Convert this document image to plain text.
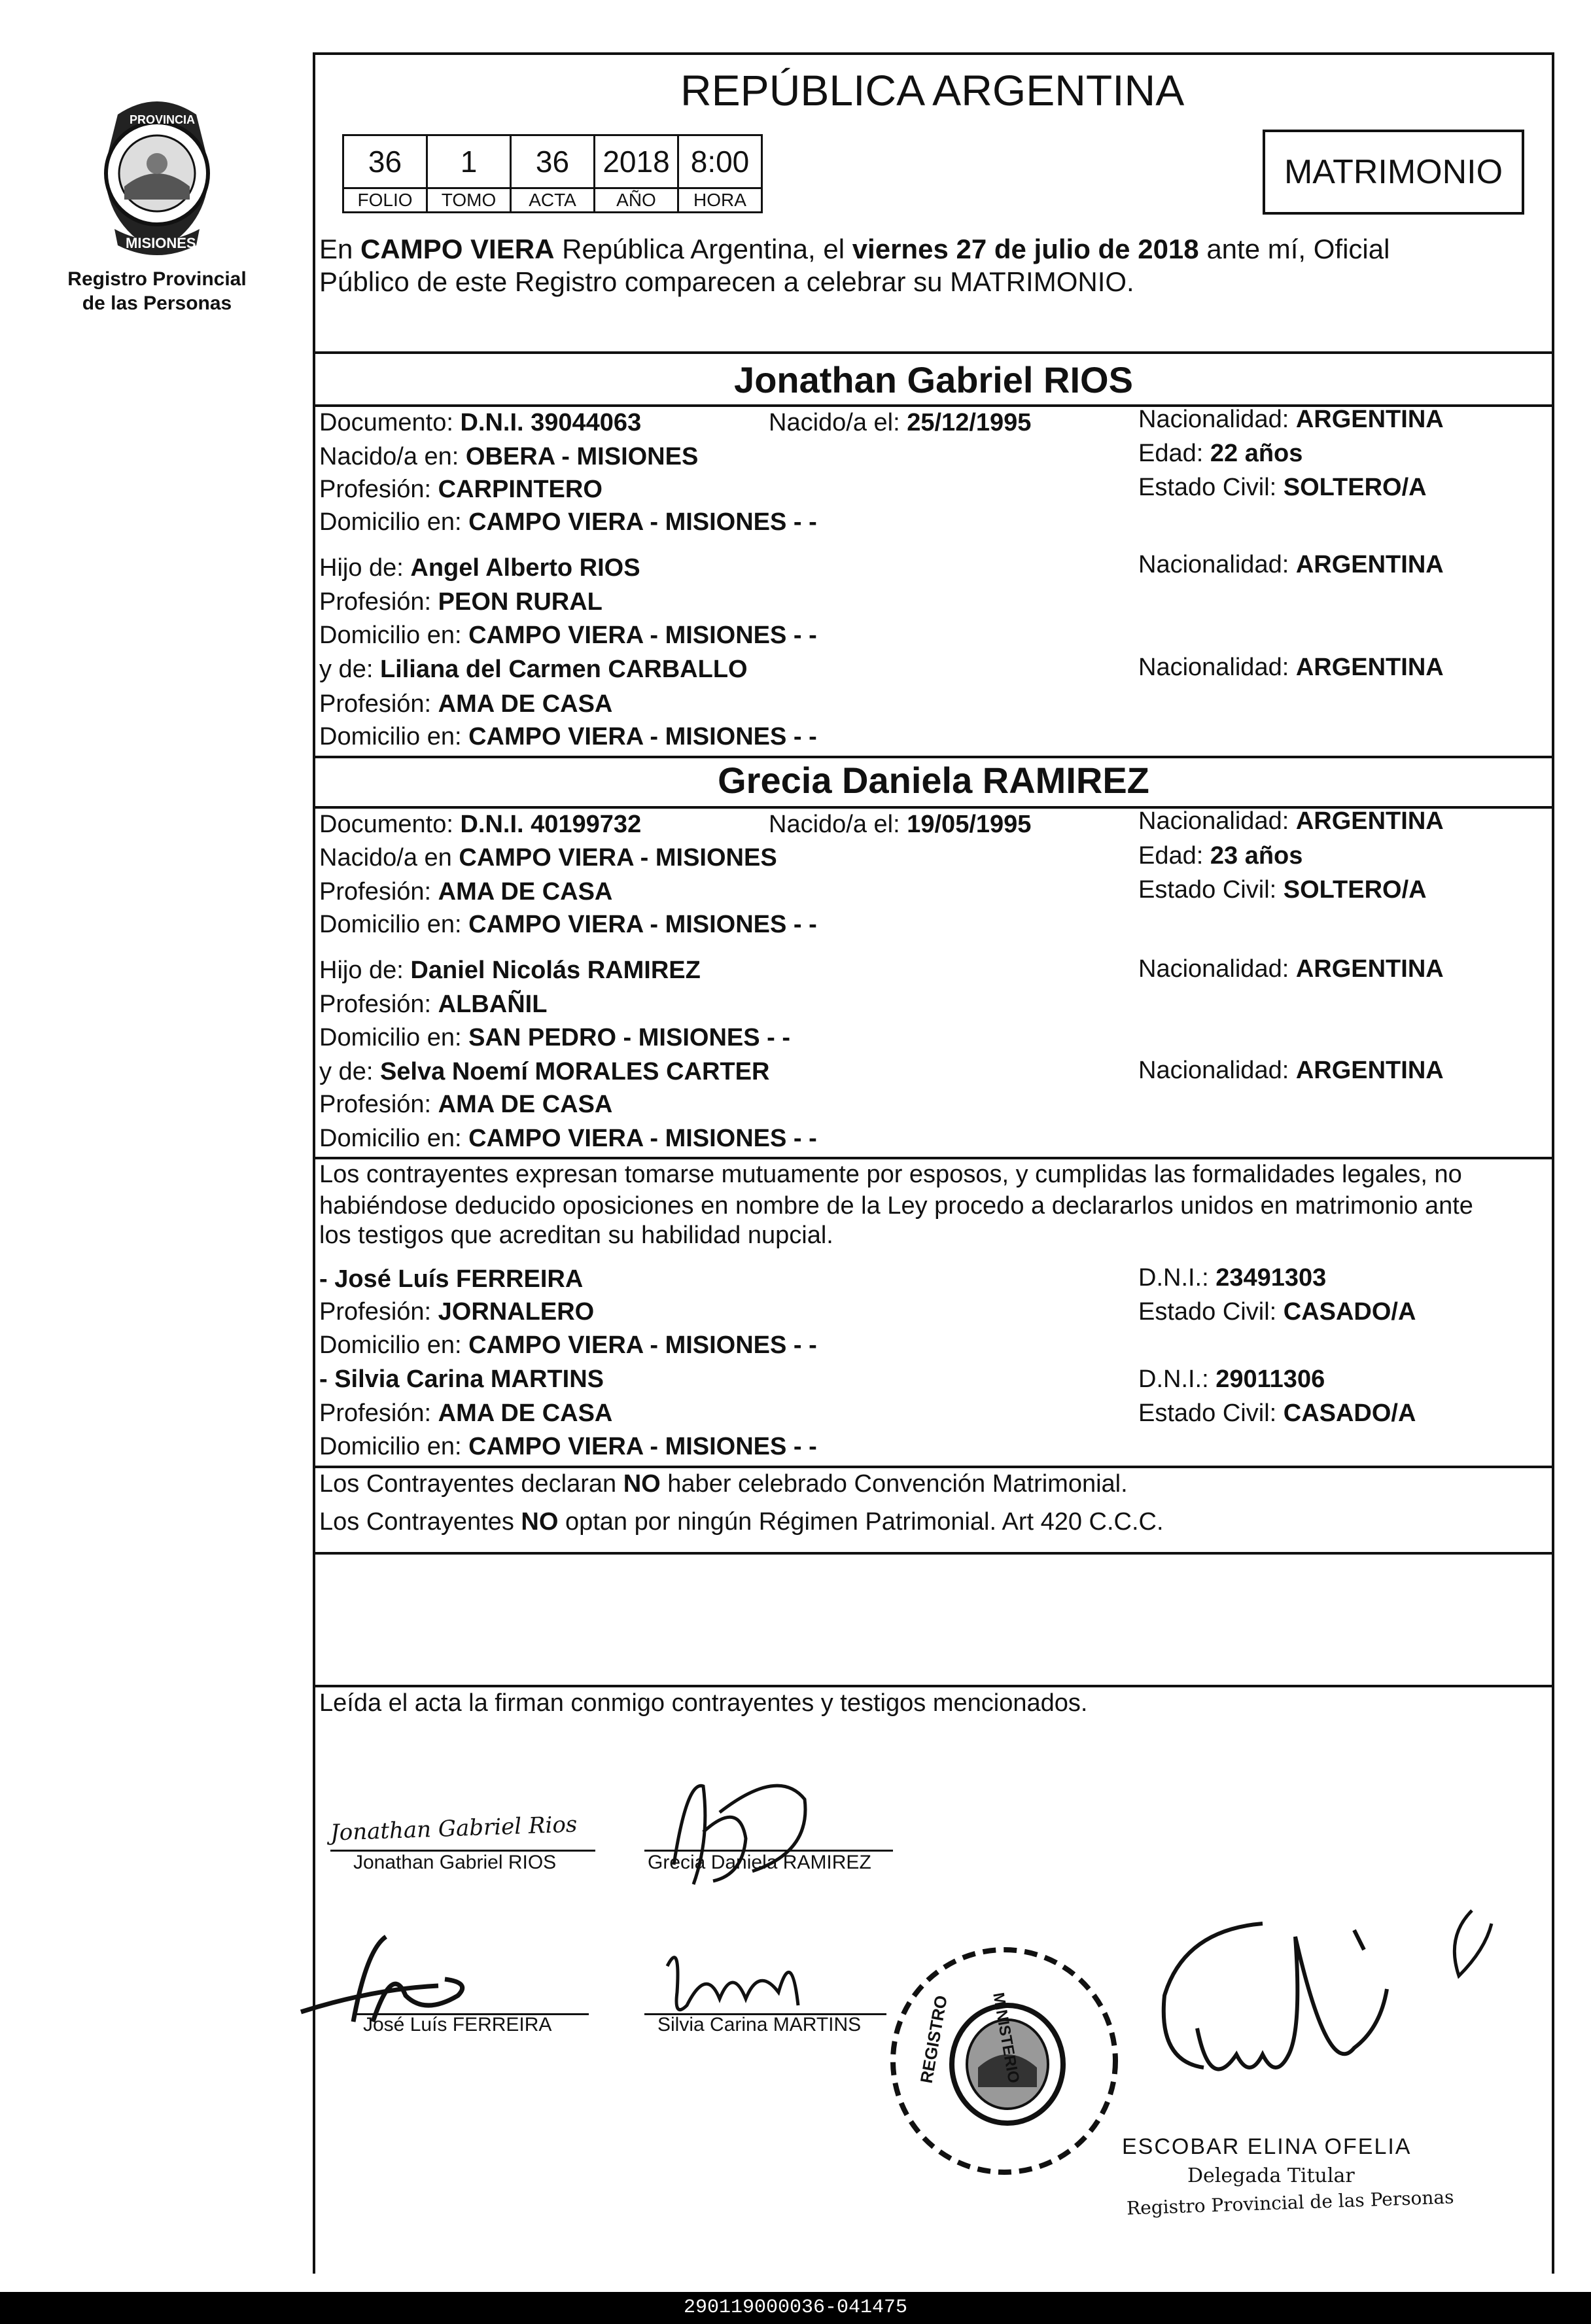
PROVINCIA DE
MISIONES
Registro Provincial
de las Personas
REPÚBLICA ARGENTINA
36	1	36	2018	8:00
FOLIO	TOMO	ACTA	AÑO	HORA
MATRIMONIO
En CAMPO VIERA República Argentina, el viernes 27 de julio de 2018 ante mí, Oficial
Público de este Registro comparecen a celebrar su MATRIMONIO.
Jonathan Gabriel RIOS
Documento: D.N.I. 39044063	Nacido/a el: 25/12/1995	Nacionalidad: ARGENTINA
Nacido/a en: OBERA - MISIONES	Edad: 22 años
Profesión: CARPINTERO	Estado Civil: SOLTERO/A
Domicilio en: CAMPO VIERA - MISIONES - -
Hijo de: Angel Alberto RIOS	Nacionalidad: ARGENTINA
Profesión: PEON RURAL
Domicilio en: CAMPO VIERA - MISIONES - -
y de: Liliana del Carmen CARBALLO	Nacionalidad: ARGENTINA
Profesión: AMA DE CASA
Domicilio en: CAMPO VIERA - MISIONES - -
Grecia Daniela RAMIREZ
Documento: D.N.I. 40199732	Nacido/a el: 19/05/1995	Nacionalidad: ARGENTINA
Nacido/a en CAMPO VIERA - MISIONES	Edad: 23 años
Profesión: AMA DE CASA	Estado Civil: SOLTERO/A
Domicilio en: CAMPO VIERA - MISIONES - -
Hijo de: Daniel Nicolás RAMIREZ	Nacionalidad: ARGENTINA
Profesión: ALBAÑIL
Domicilio en: SAN PEDRO - MISIONES - -
y de: Selva Noemí MORALES CARTER	Nacionalidad: ARGENTINA
Profesión: AMA DE CASA
Domicilio en: CAMPO VIERA - MISIONES - -
Los contrayentes expresan tomarse mutuamente por esposos, y cumplidas las formalidades legales, no
habiéndose deducido oposiciones en nombre de la Ley procedo a declararlos unidos en matrimonio ante
los testigos que acreditan su habilidad nupcial.
- José Luís FERREIRA	D.N.I.: 23491303
Profesión: JORNALERO	Estado Civil: CASADO/A
Domicilio en: CAMPO VIERA - MISIONES - -
- Silvia Carina MARTINS	D.N.I.: 29011306
Profesión: AMA DE CASA	Estado Civil: CASADO/A
Domicilio en: CAMPO VIERA - MISIONES - -
Los Contrayentes declaran NO haber celebrado Convención Matrimonial.
Los Contrayentes NO optan por ningún Régimen Patrimonial. Art 420 C.C.C.
Leída el acta la firman conmigo contrayentes y testigos mencionados.
Jonathan Gabriel Rios
Jonathan Gabriel RIOS	Grecia Daniela RAMIREZ
José Luís FERREIRA	Silvia Carina MARTINS	REGISTRO	MINISTERIO
ESCOBAR ELINA OFELIA
Delegada Titular
Registro Provincial de las Personas
290119000036-041475
